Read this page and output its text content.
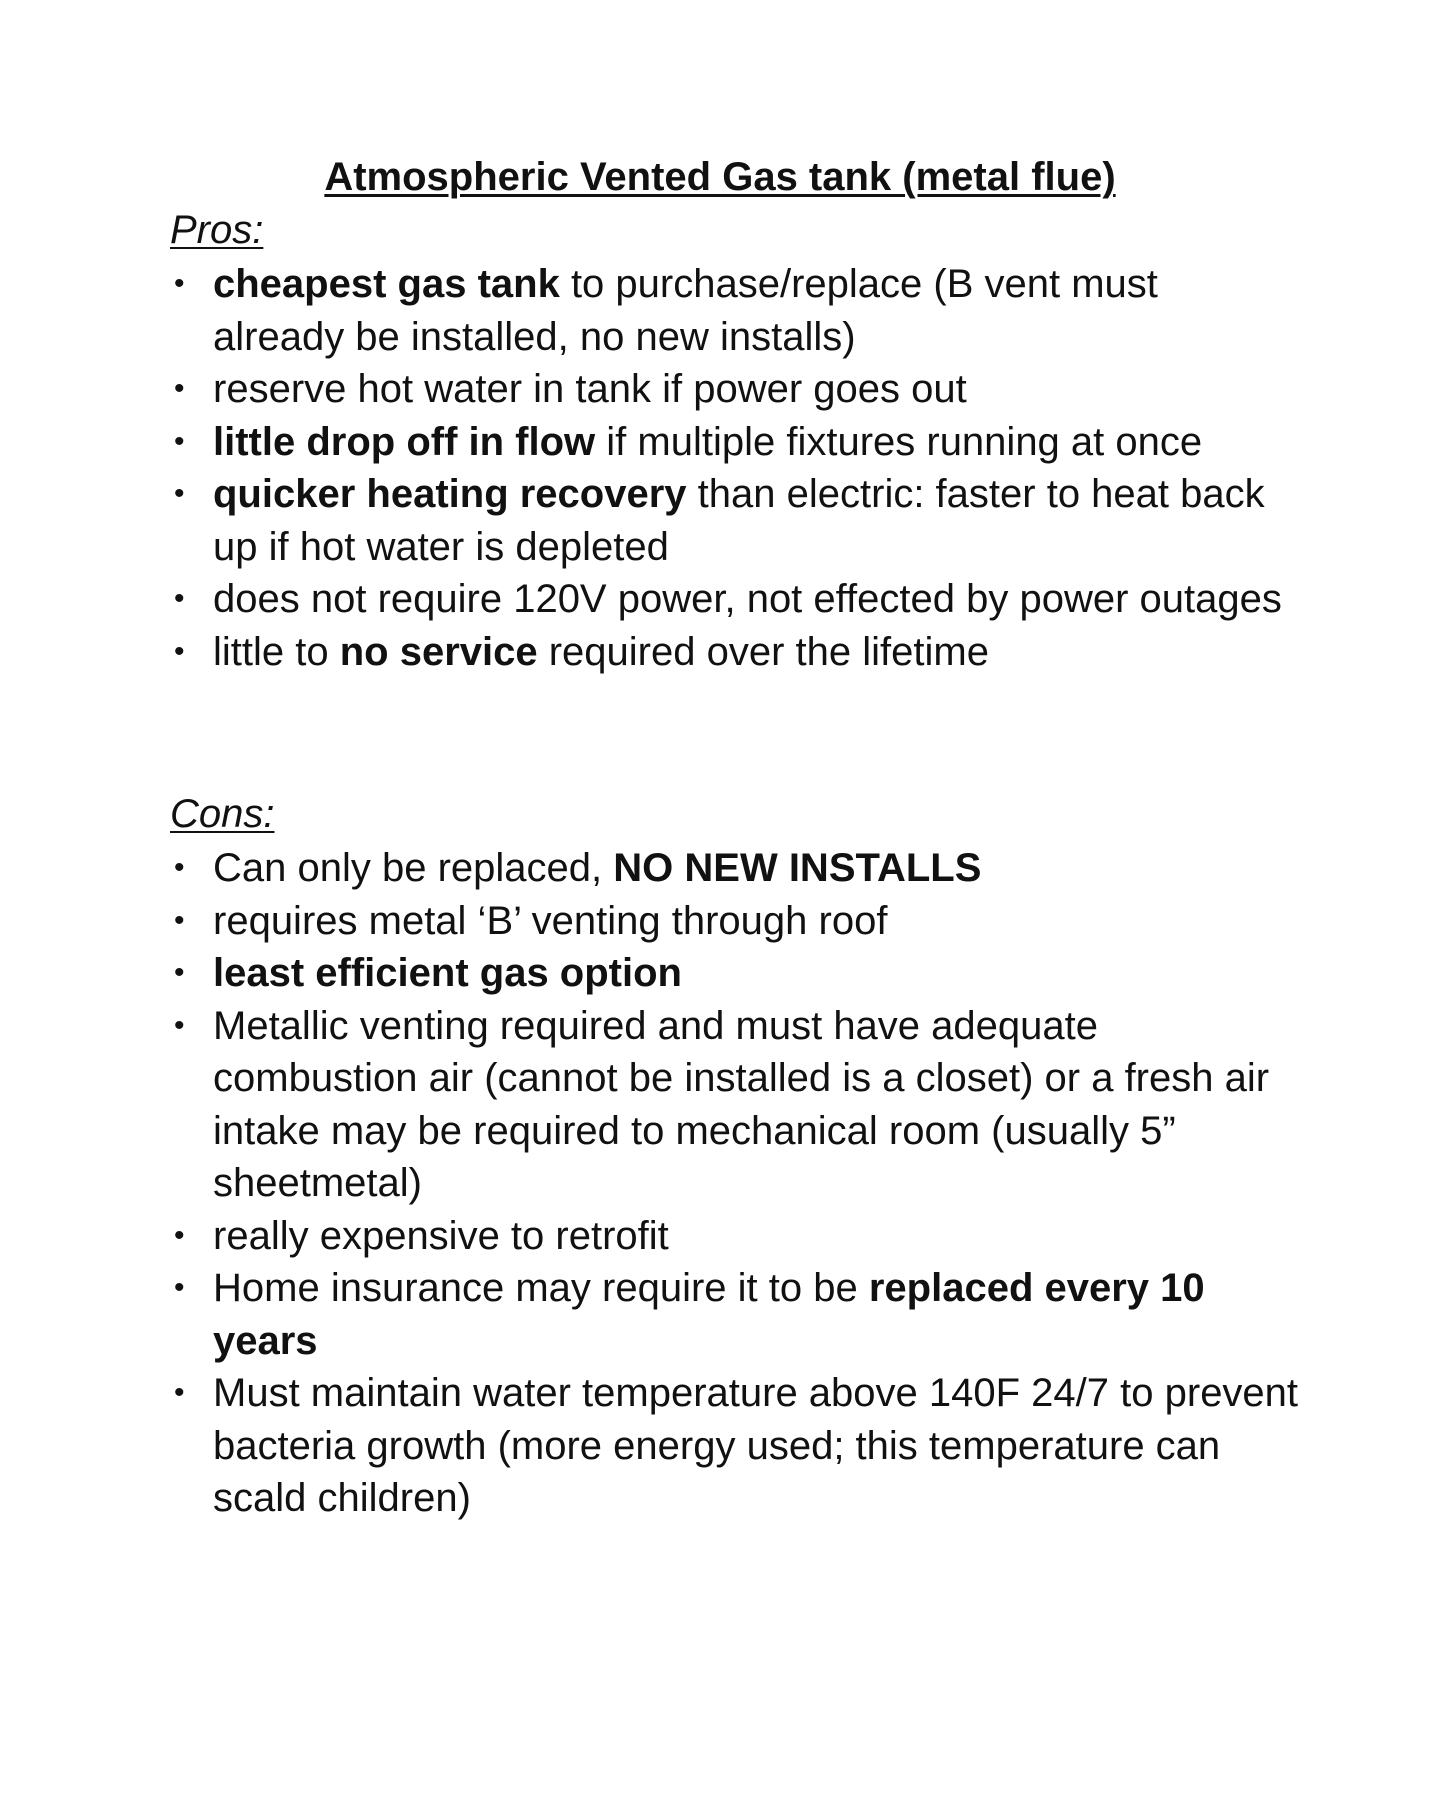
Atmospheric Vented Gas tank (metal flue)
Pros:
• cheapest gas tank to purchase/replace (B vent must already be installed, no new installs)
• reserve hot water in tank if power goes out
• little drop off in flow if multiple fixtures running at once
• quicker heating recovery than electric: faster to heat back up if hot water is depleted
• does not require 120V power, not effected by power outages
• little to no service required over the lifetime
Cons:
• Can only be replaced, NO NEW INSTALLS
• requires metal ‘B’ venting through roof
• least efficient gas option
• Metallic venting required and must have adequate combustion air (cannot be installed is a closet) or a fresh air intake may be required to mechanical room (usually 5” sheetmetal)
• really expensive to retrofit
• Home insurance may require it to be replaced every 10 years
• Must maintain water temperature above 140F 24/7 to prevent bacteria growth (more energy used; this temperature can scald children)
